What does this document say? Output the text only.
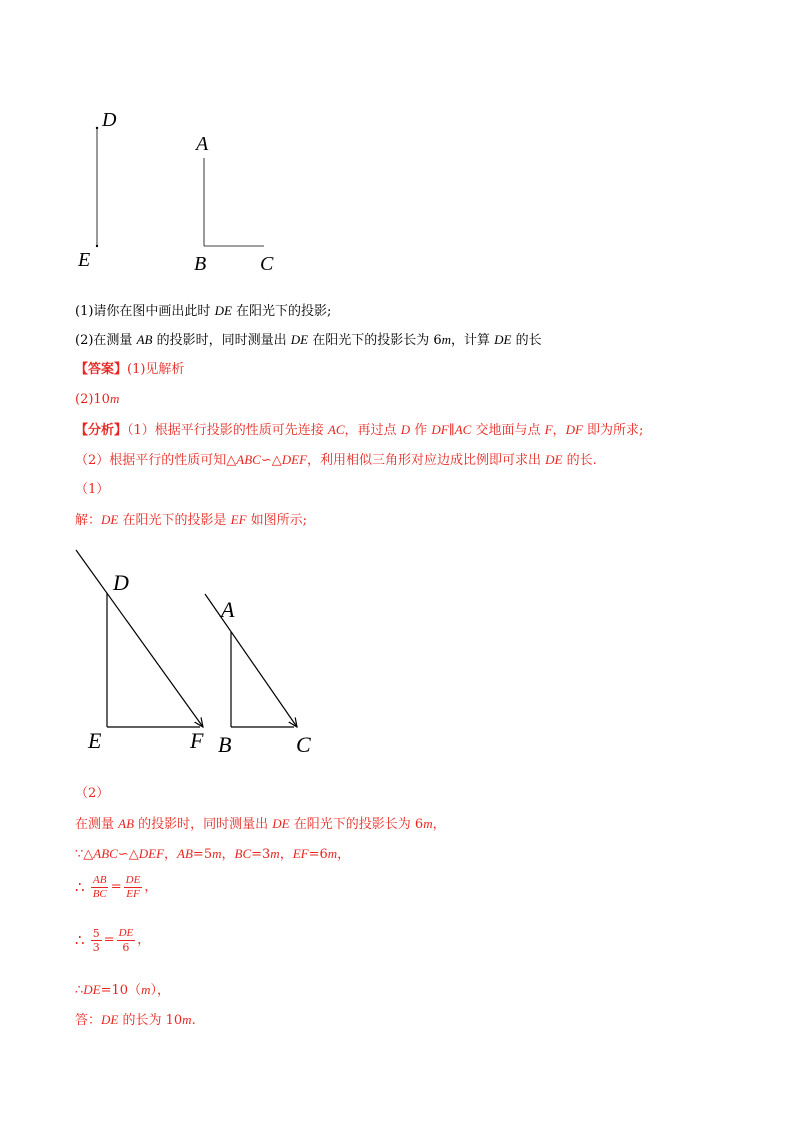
D
E
A
B	C
(1)请你在图中画出此时 DE 在阳光下的投影;
(2)在测量 AB 的投影时，同时测量出 DE 在阳光下的投影长为 6m，计算 DE 的长
【答案】(1)见解析
(2)10m
【分析】（1）根据平行投影的性质可先连接 AC，再过点 D 作 DF∥AC 交地面与点 F，DF 即为所求;
（2）根据平行的性质可知△ABC∽△DEF，利用相似三角形对应边成比例即可求出 DE 的长.
（1）
解：DE 在阳光下的投影是 EF 如图所示;
D
E	F
A
B	C
（2）
在测量 AB 的投影时，同时测量出 DE 在阳光下的投影长为 6m，
∵△ABC∽△DEF，AB=5m，BC=3m，EF=6m，
∴ $\frac{AB}{BC} = \frac{DE}{EF}$ ，
∴ $\frac{5}{3} = \frac{DE}{6}$ ，
∴DE=10（m），
答：DE 的长为 10m.
